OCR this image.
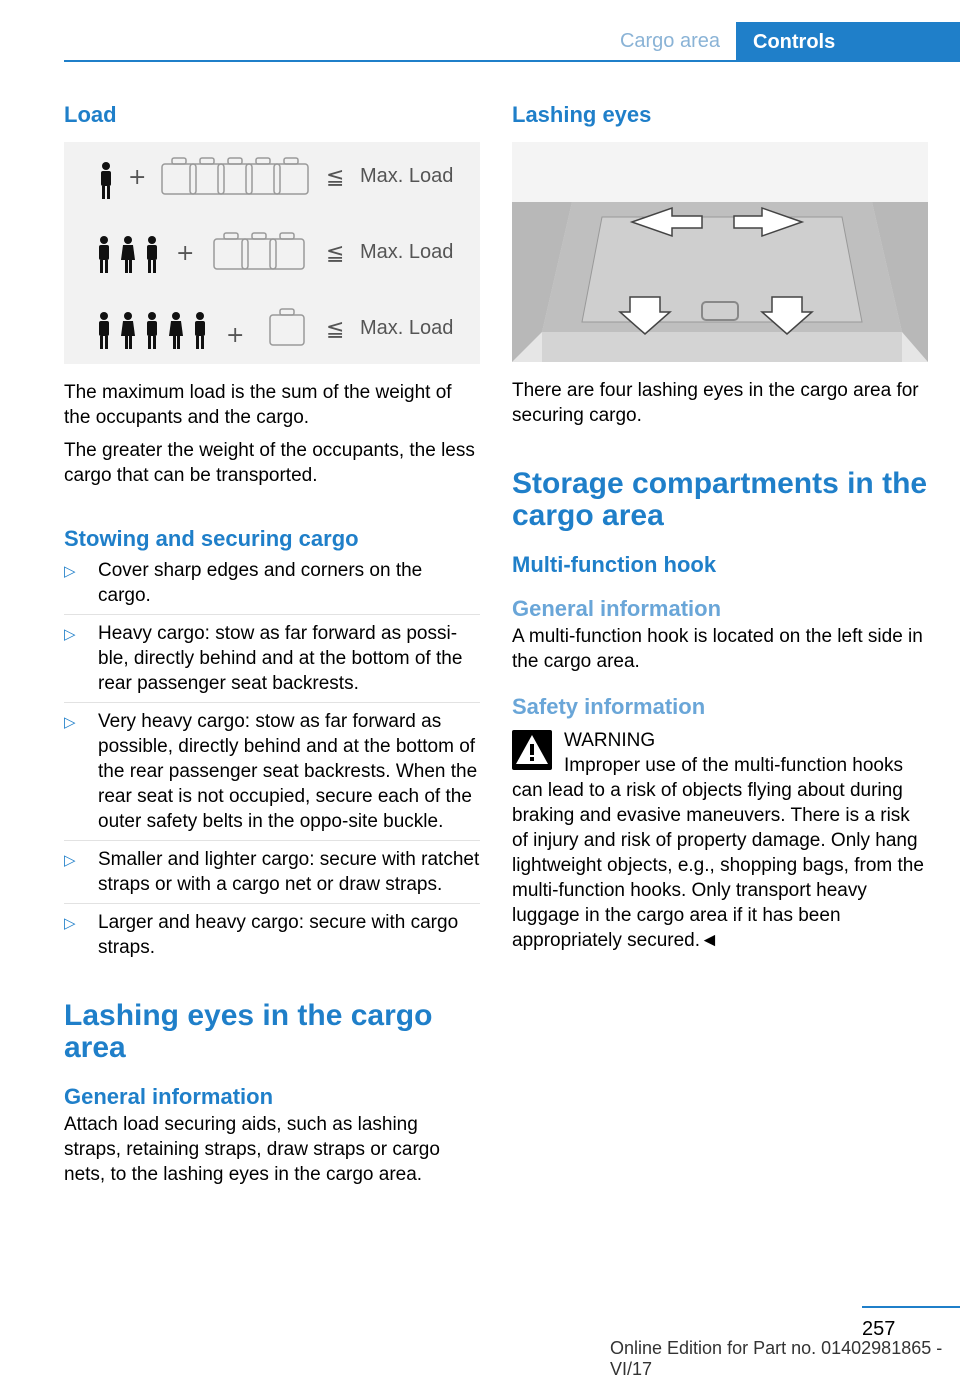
Cargo area	Controls
Load
+
+
+
≦
≦
≦
Max. Load
Max. Load
Max. Load

The maximum load is the sum of the weight of the occupants and the cargo.

The greater the weight of the occupants, the less cargo that can be transported.

Stowing and securing cargo
▷ Cover sharp edges and corners on the cargo.
▷ Heavy cargo: stow as far forward as possi-ble, directly behind and at the bottom of the rear passenger seat backrests.
▷ Very heavy cargo: stow as far forward as possible, directly behind and at the bottom of the rear passenger seat backrests. When the rear seat is not occupied, secure each of the outer safety belts in the oppo-site buckle.
▷ Smaller and lighter cargo: secure with ratchet straps or with a cargo net or draw straps.
▷ Larger and heavy cargo: secure with cargo straps.
Lashing eyes in the cargo area
General information

Attach load securing aids, such as lashing straps, retaining straps, draw straps or cargo nets, to the lashing eyes in the cargo area.

Lashing eyes

There are four lashing eyes in the cargo area for securing cargo.

Storage compartments in the cargo area
Multi-function hook
General information

A multi-function hook is located on the left side in the cargo area.

Safety information
WARNING
Improper use of the multi-function hooks

can lead to a risk of objects flying about during braking and evasive maneuvers. There is a risk of injury and risk of property damage. Only hang lightweight objects, e.g., shopping bags, from the multi-function hooks. Only transport heavy luggage in the cargo area if it has been appropriately secured.◄

257
Online Edition for Part no. 01402981865 - VI/17
